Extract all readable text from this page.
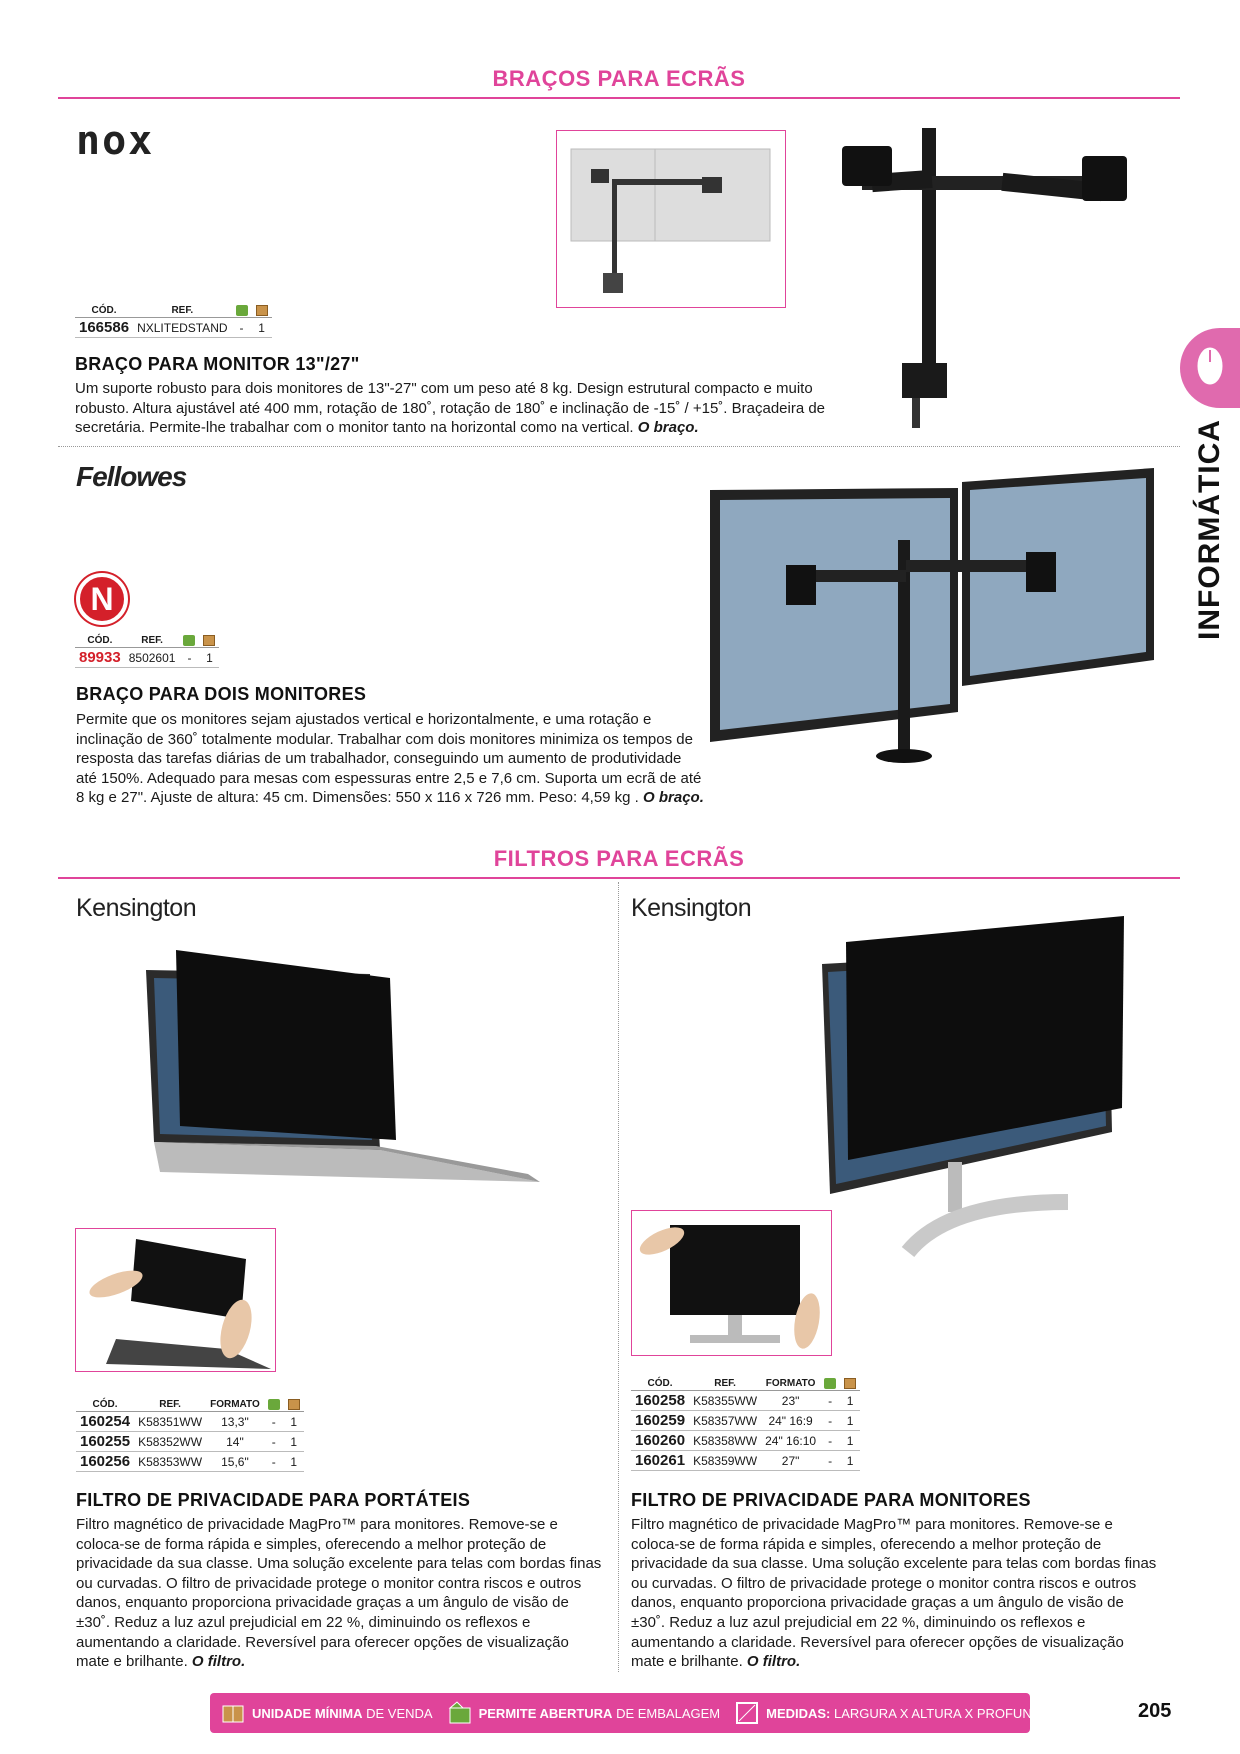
BRAÇOS PARA ECRÃS
nox
CÓD.	REF.		
166586	NXLITEDSTAND	-	1
BRAÇO PARA MONITOR 13"/27"
Um suporte robusto para dois monitores de 13"-27" com um peso até 8 kg. Design estrutural compacto e muito robusto. Altura ajustável até 400 mm, rotação de 180˚, rotação de 180˚ e inclinação de -15˚ / +15˚. Braçadeira de secretária. Permite-lhe trabalhar com o monitor tanto na horizontal como na vertical. O braço.
Fellowes
N
CÓD.	REF.		
89933	8502601	-	1
BRAÇO PARA DOIS MONITORES
Permite que os monitores sejam ajustados vertical e horizontalmente, e uma rotação e inclinação de 360˚ totalmente modular. Trabalhar com dois monitores minimiza os tempos de resposta das tarefas diárias de um trabalhador, conseguindo um aumento de produtividade até 150%. Adequado para mesas com espessuras entre 2,5 e 7,6 cm. Suporta um ecrã de até 8 kg e 27". Ajuste de altura: 45 cm. Dimensões: 550 x 116 x 726 mm. Peso: 4,59 kg . O braço.
FILTROS PARA ECRÃS
Kensington
CÓD.	REF.	FORMATO		
160254	K58351WW	13,3"	-	1
160255	K58352WW	14"	-	1
160256	K58353WW	15,6"	-	1
FILTRO DE PRIVACIDADE PARA PORTÁTEIS
Filtro magnético de privacidade MagPro™ para monitores. Remove-se e coloca-se de forma rápida e simples, oferecendo a melhor proteção de privacidade da sua classe. Uma solução excelente para telas com bordas finas ou curvadas. O filtro de privacidade protege o monitor contra riscos e outros danos, enquanto proporciona privacidade graças a um ângulo de visão de ±30˚. Reduz a luz azul prejudicial em 22 %, diminuindo os reflexos e aumentando a claridade. Reversível para oferecer opções de visualização mate e brilhante. O filtro.
Kensington
CÓD.	REF.	FORMATO		
160258	K58355WW	23"	-	1
160259	K58357WW	24" 16:9	-	1
160260	K58358WW	24" 16:10	-	1
160261	K58359WW	27"	-	1
FILTRO DE PRIVACIDADE PARA MONITORES
Filtro magnético de privacidade MagPro™ para monitores. Remove-se e coloca-se de forma rápida e simples, oferecendo a melhor proteção de privacidade da sua classe. Uma solução excelente para telas com bordas finas ou curvadas. O filtro de privacidade protege o monitor contra riscos e outros danos, enquanto proporciona privacidade graças a um ângulo de visão de ±30˚. Reduz a luz azul prejudicial em 22 %, diminuindo os reflexos e aumentando a claridade. Reversível para oferecer opções de visualização mate e brilhante. O filtro.
INFORMÁTICA
UNIDADE MÍNIMA DE VENDA	PERMITE ABERTURA DE EMBALAGEM	MEDIDAS: LARGURA X ALTURA X PROFUNDIDADE	205
